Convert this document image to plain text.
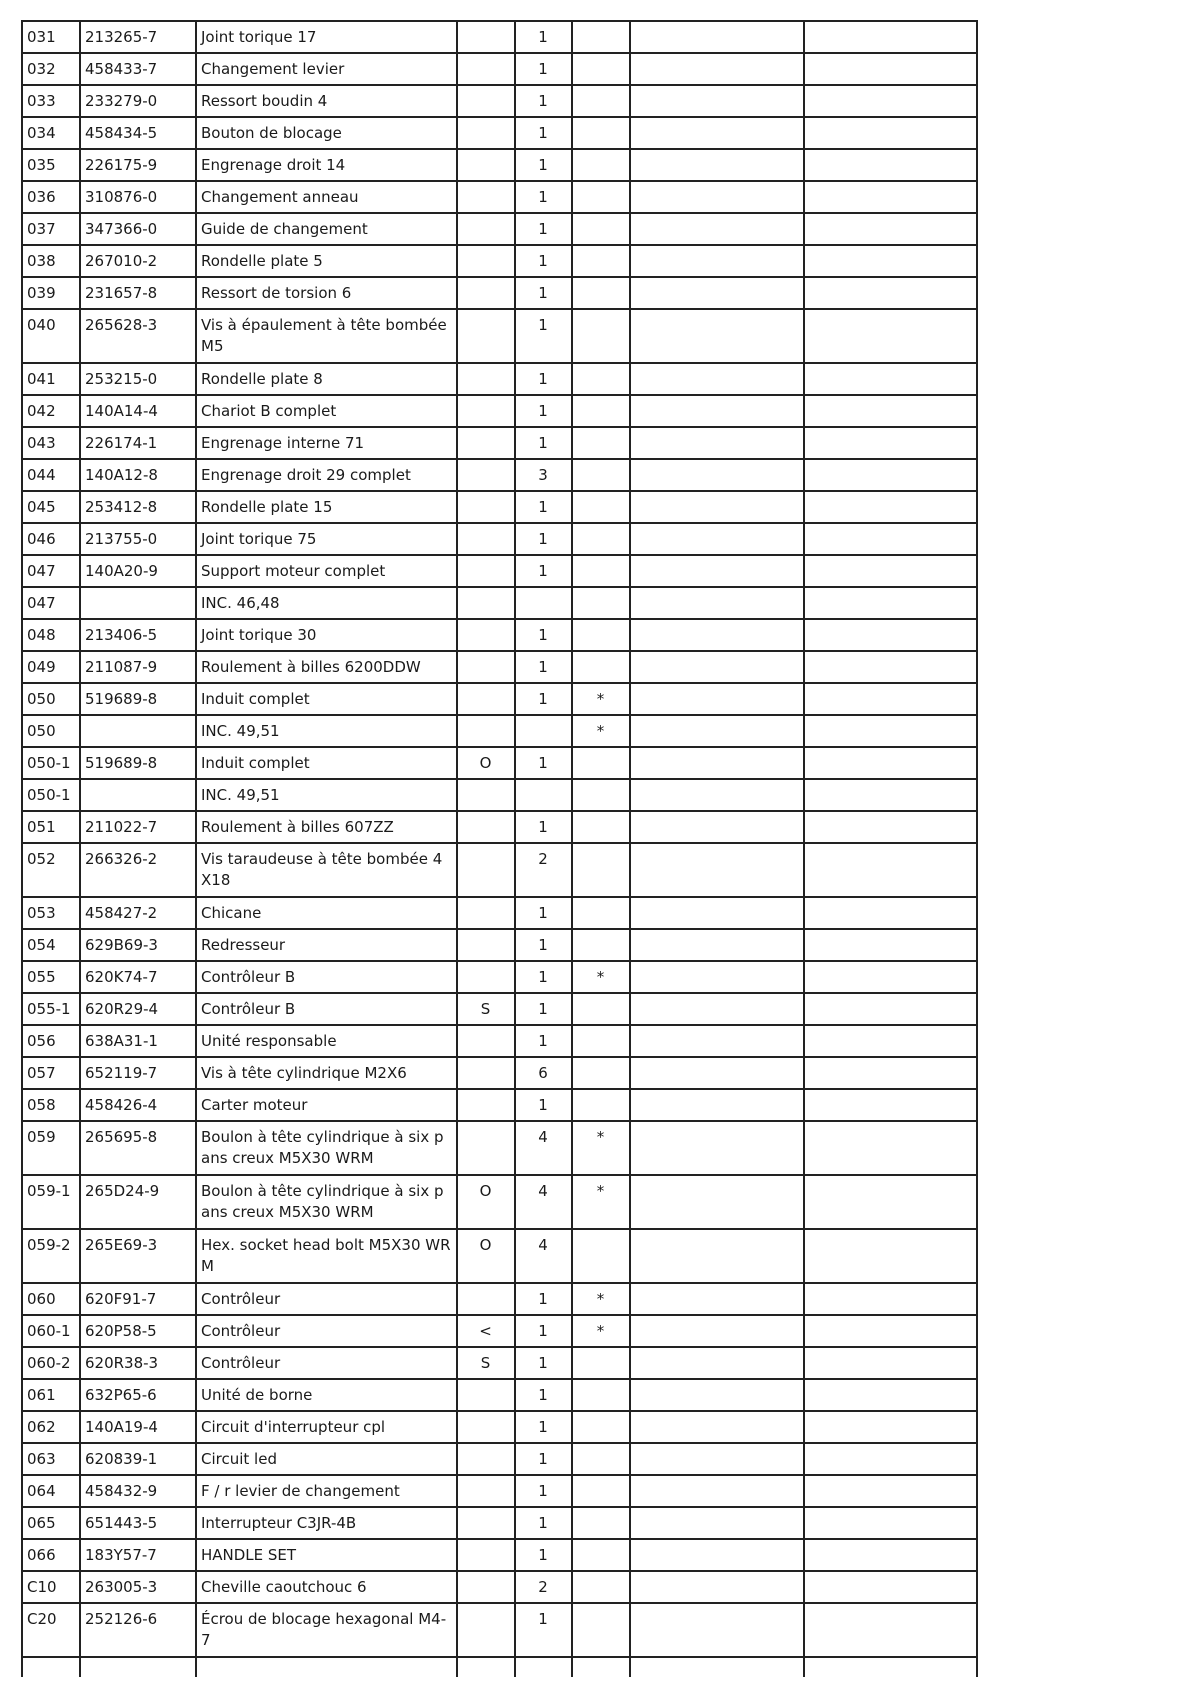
031	213265-7	Joint torique 17		1			
032	458433-7	Changement levier		1			
033	233279-0	Ressort boudin 4		1			
034	458434-5	Bouton de blocage		1			
035	226175-9	Engrenage droit 14		1			
036	310876-0	Changement anneau		1			
037	347366-0	Guide de changement		1			
038	267010-2	Rondelle plate 5		1			
039	231657-8	Ressort de torsion 6		1			
040	265628-3	Vis à épaulement à tête bombée M5		1			
041	253215-0	Rondelle plate 8		1			
042	140A14-4	Chariot B complet		1			
043	226174-1	Engrenage interne 71		1			
044	140A12-8	Engrenage droit 29 complet		3			
045	253412-8	Rondelle plate 15		1			
046	213755-0	Joint torique 75		1			
047	140A20-9	Support moteur complet		1			
047		INC. 46,48					
048	213406-5	Joint torique 30		1			
049	211087-9	Roulement à billes 6200DDW		1			
050	519689-8	Induit complet		1	*		
050		INC. 49,51			*		
050-1	519689-8	Induit complet	O	1			
050-1		INC. 49,51					
051	211022-7	Roulement à billes 607ZZ		1			
052	266326-2	Vis taraudeuse à tête bombée 4X18		2			
053	458427-2	Chicane		1			
054	629B69-3	Redresseur		1			
055	620K74-7	Contrôleur B		1	*		
055-1	620R29-4	Contrôleur B	S	1			
056	638A31-1	Unité responsable		1			
057	652119-7	Vis à tête cylindrique M2X6		6			
058	458426-4	Carter moteur		1			
059	265695-8	Boulon à tête cylindrique à six pans creux M5X30 WRM		4	*		
059-1	265D24-9	Boulon à tête cylindrique à six pans creux M5X30 WRM	O	4	*		
059-2	265E69-3	Hex. socket head bolt M5X30 WRM	O	4			
060	620F91-7	Contrôleur		1	*		
060-1	620P58-5	Contrôleur	<	1	*		
060-2	620R38-3	Contrôleur	S	1			
061	632P65-6	Unité de borne		1			
062	140A19-4	Circuit d'interrupteur cpl		1			
063	620839-1	Circuit led		1			
064	458432-9	F / r levier de changement		1			
065	651443-5	Interrupteur C3JR-4B		1			
066	183Y57-7	HANDLE SET		1			
C10	263005-3	Cheville caoutchouc 6		2			
C20	252126-6	Écrou de blocage hexagonal M4-7		1			
